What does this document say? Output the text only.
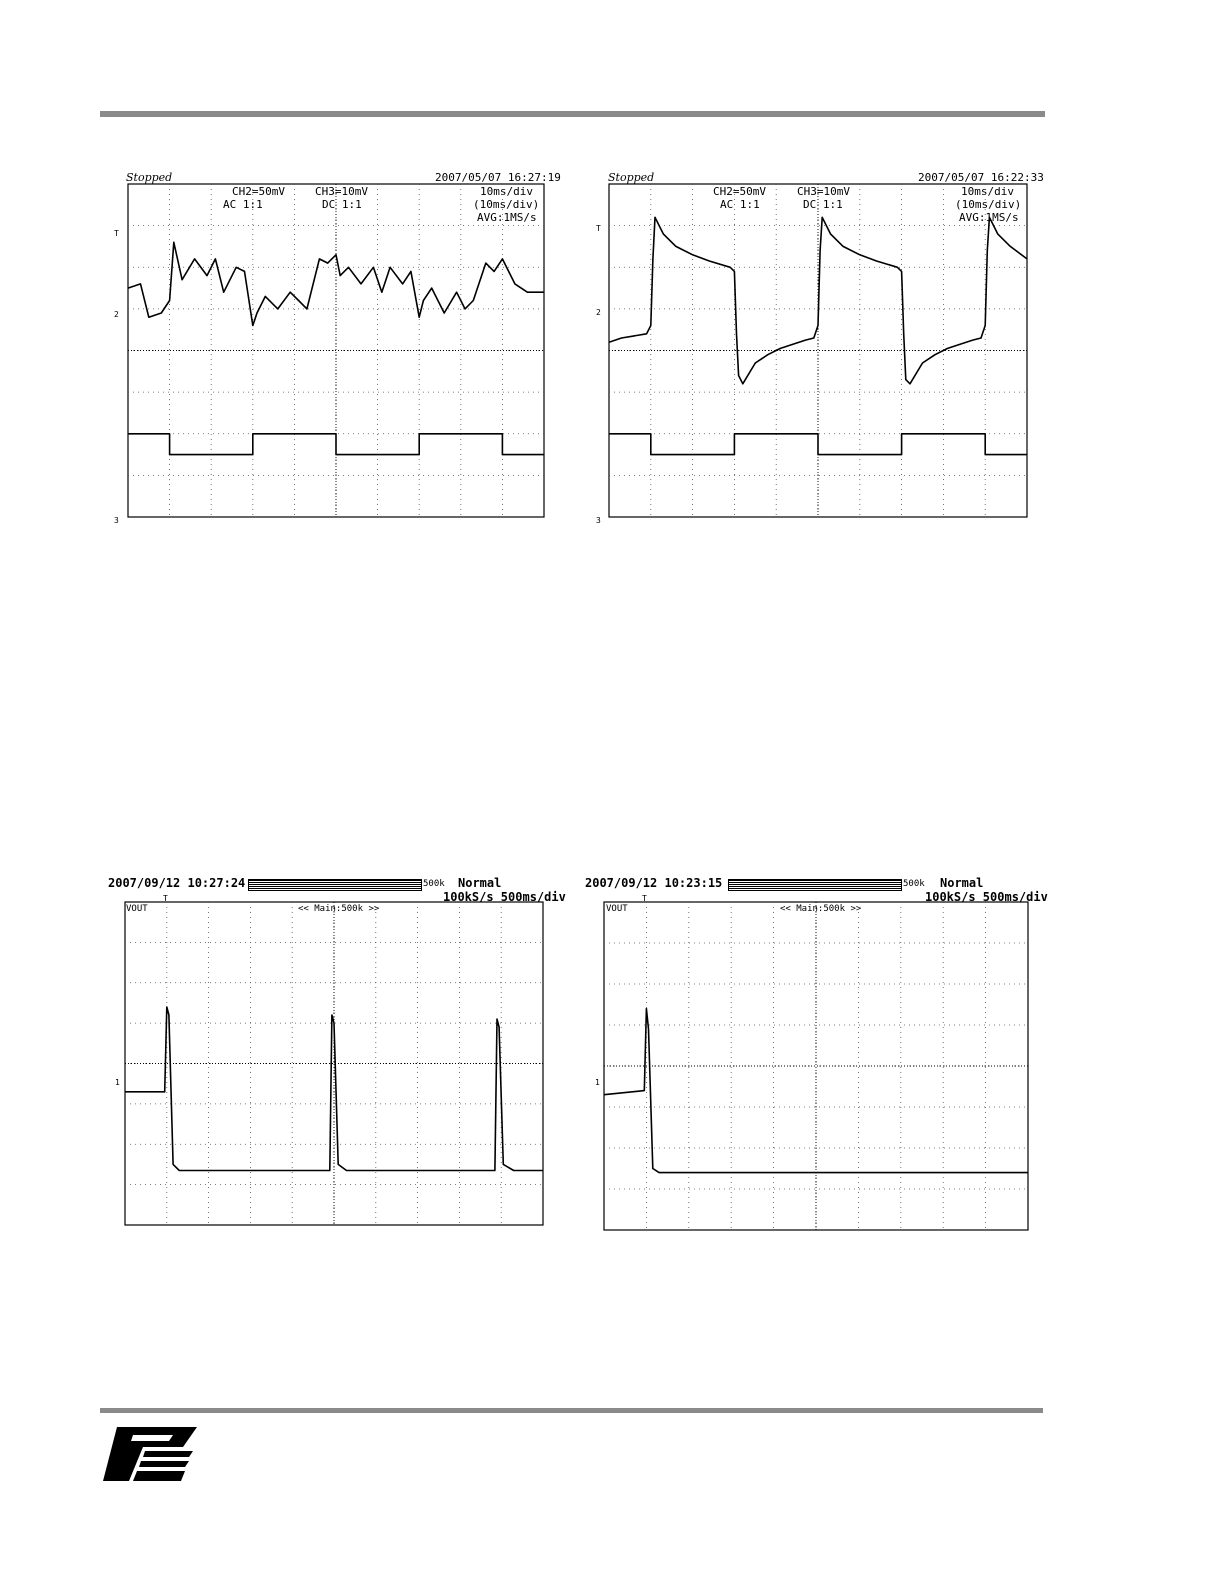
Stopped	2007/05/07 16:27:19
CH2=50mV
AC 1:1
CH3=10mV
DC 1:1
10ms/div
(10ms/div)
AVG:1MS/s
T
2
3
Stopped	2007/05/07 16:22:33
CH2=50mV
AC 1:1
CH3=10mV
DC 1:1
10ms/div
(10ms/div)
AVG:1MS/s
T
2
3
2007/09/12 10:27:24	500k Normal
100kS/s 500ms/div
VOUT	<< Main:500k >>
T
1
2007/09/12 10:23:15	500k Normal
100kS/s 500ms/div
VOUT	<< Main:500k >>
T
1
